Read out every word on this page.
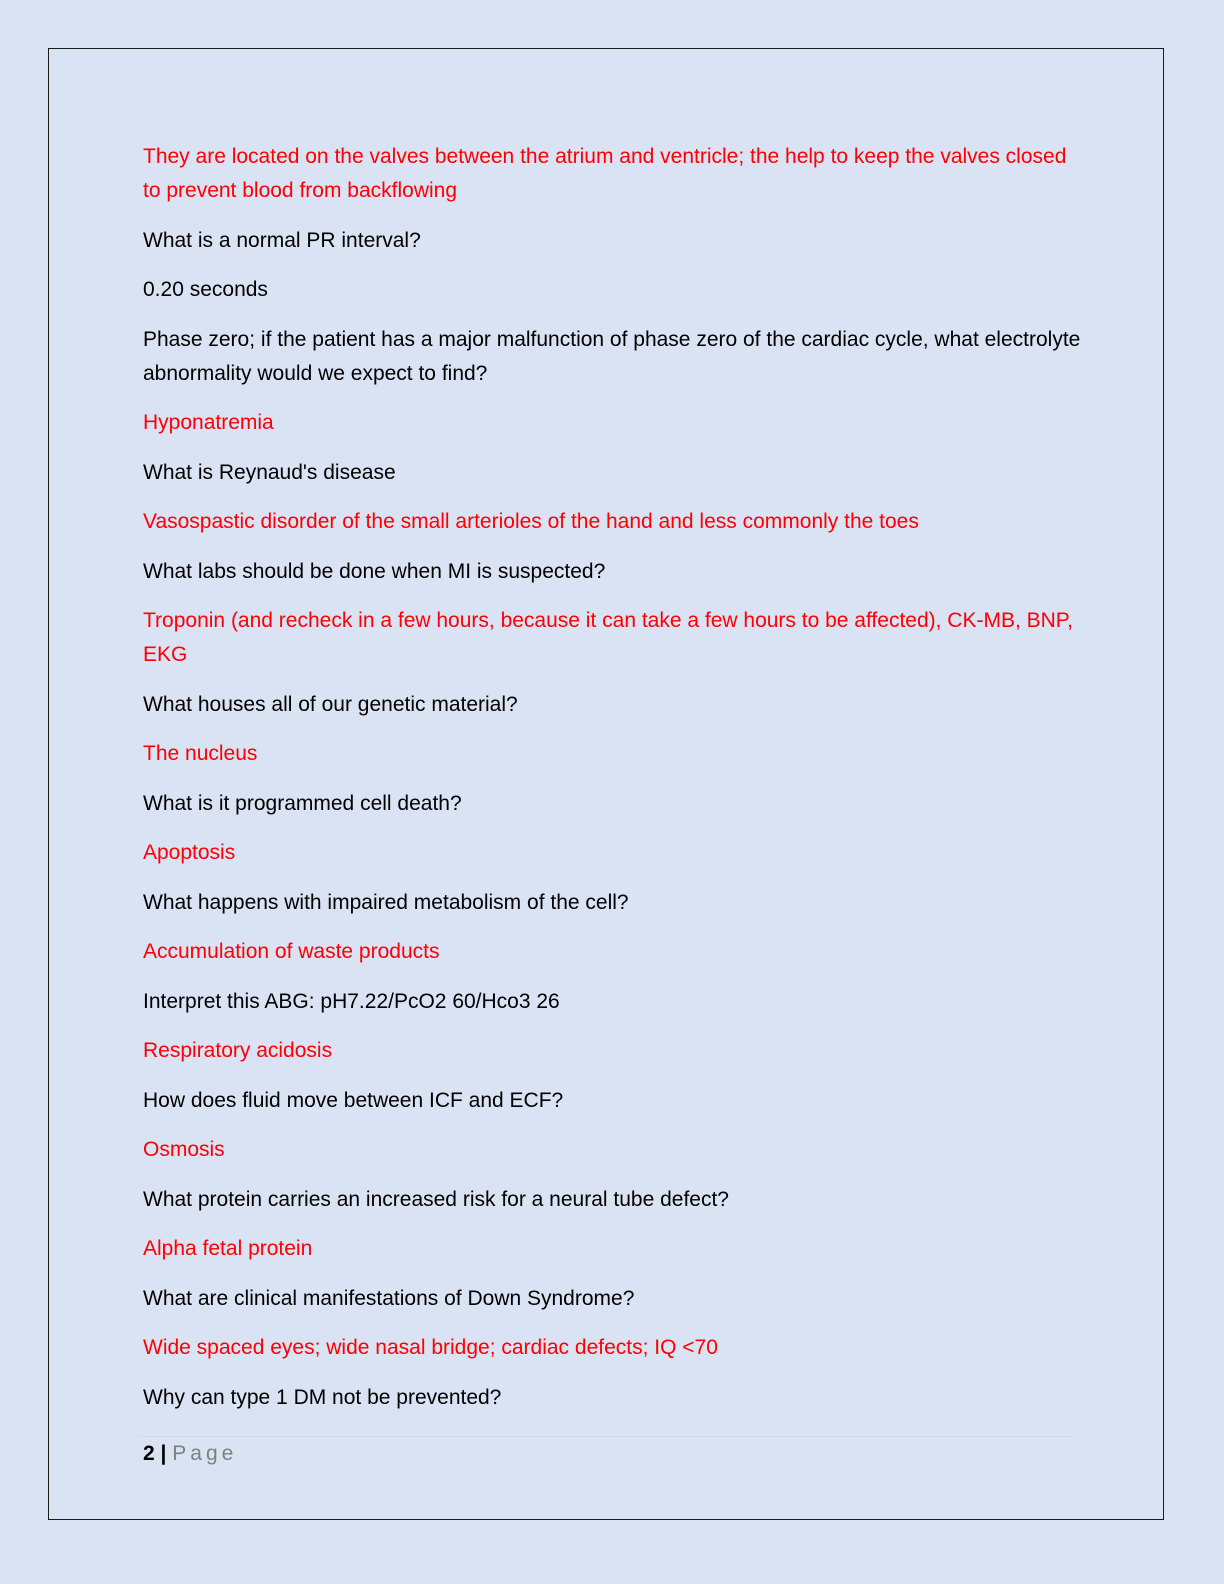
They are located on the valves between the atrium and ventricle; the help to keep the valves closed to prevent blood from backflowing

What is a normal PR interval?

0.20 seconds

Phase zero; if the patient has a major malfunction of phase zero of the cardiac cycle, what electrolyte abnormality would we expect to find?

Hyponatremia

What is Reynaud's disease

Vasospastic disorder of the small arterioles of the hand and less commonly the toes

What labs should be done when MI is suspected?

Troponin (and recheck in a few hours, because it can take a few hours to be affected), CK-MB, BNP, EKG

What houses all of our genetic material?

The nucleus

What is it programmed cell death?

Apoptosis

What happens with impaired metabolism of the cell?

Accumulation of waste products

Interpret this ABG: pH7.22/PcO2 60/Hco3 26

Respiratory acidosis

How does fluid move between ICF and ECF?

Osmosis

What protein carries an increased risk for a neural tube defect?

Alpha fetal protein

What are clinical manifestations of Down Syndrome?

Wide spaced eyes; wide nasal bridge; cardiac defects; IQ <70

Why can type 1 DM not be prevented?

2 | Page
